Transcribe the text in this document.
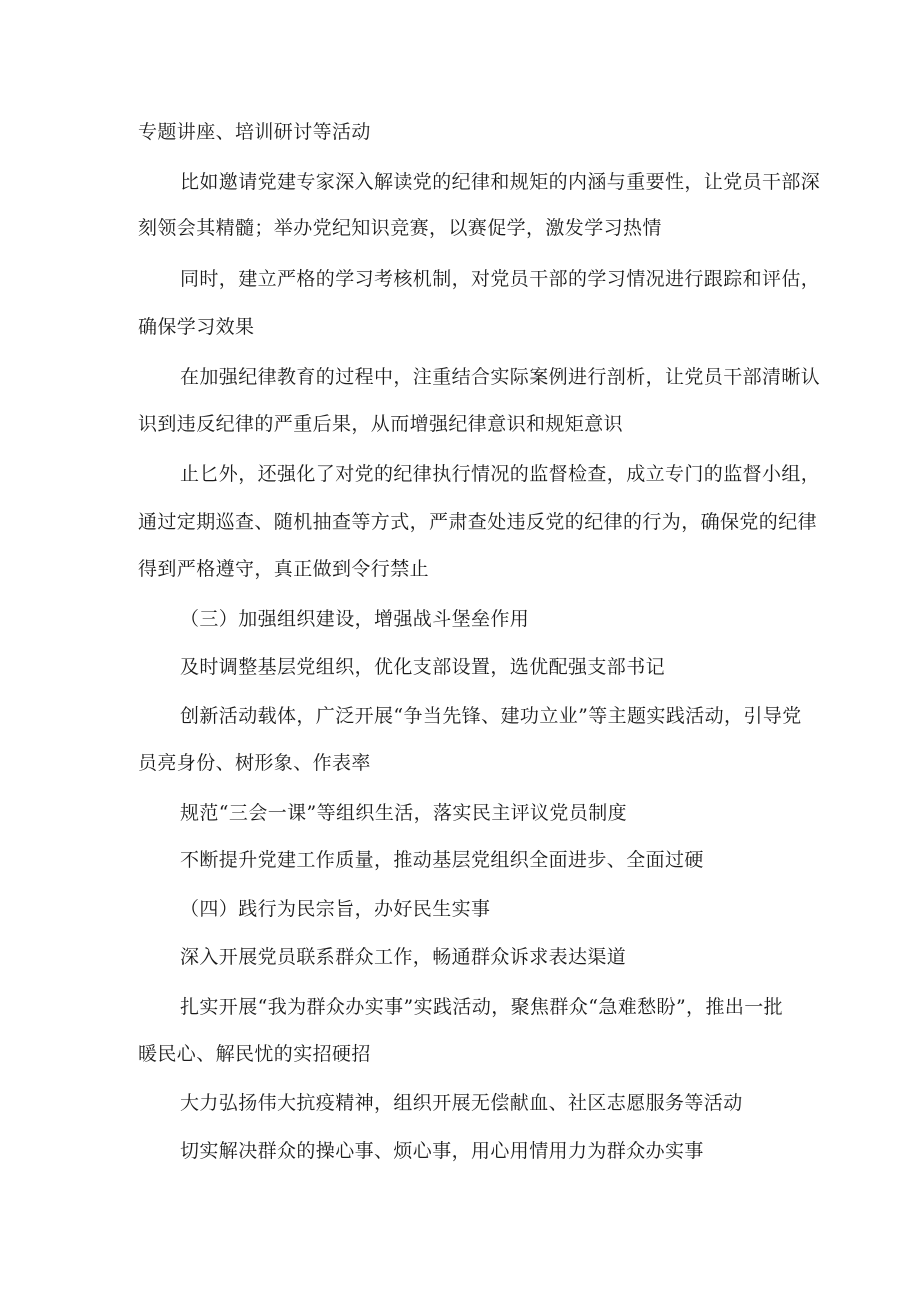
专题讲座、培训研讨等活动
比如邀请党建专家深入解读党的纪律和规矩的内涵与重要性，让党员干部深
刻领会其精髓；举办党纪知识竞赛，以赛促学，激发学习热情
同时，建立严格的学习考核机制，对党员干部的学习情况进行跟踪和评估，
确保学习效果
在加强纪律教育的过程中，注重结合实际案例进行剖析，让党员干部清晰认
识到违反纪律的严重后果，从而增强纪律意识和规矩意识
止匕外，还强化了对党的纪律执行情况的监督检查，成立专门的监督小组，
通过定期巡查、随机抽查等方式，严肃查处违反党的纪律的行为，确保党的纪律
得到严格遵守，真正做到令行禁止
（三）加强组织建设，增强战斗堡垒作用
及时调整基层党组织，优化支部设置，选优配强支部书记
创新活动载体，广泛开展“争当先锋、建功立业”等主题实践活动，引导党
员亮身份、树形象、作表率
规范“三会一课”等组织生活，落实民主评议党员制度
不断提升党建工作质量，推动基层党组织全面进步、全面过硬
（四）践行为民宗旨，办好民生实事
深入开展党员联系群众工作，畅通群众诉求表达渠道
扎实开展“我为群众办实事”实践活动，聚焦群众“急难愁盼”，推出一批
暖民心、解民忧的实招硬招
大力弘扬伟大抗疫精神，组织开展无偿献血、社区志愿服务等活动
切实解决群众的操心事、烦心事，用心用情用力为群众办实事
